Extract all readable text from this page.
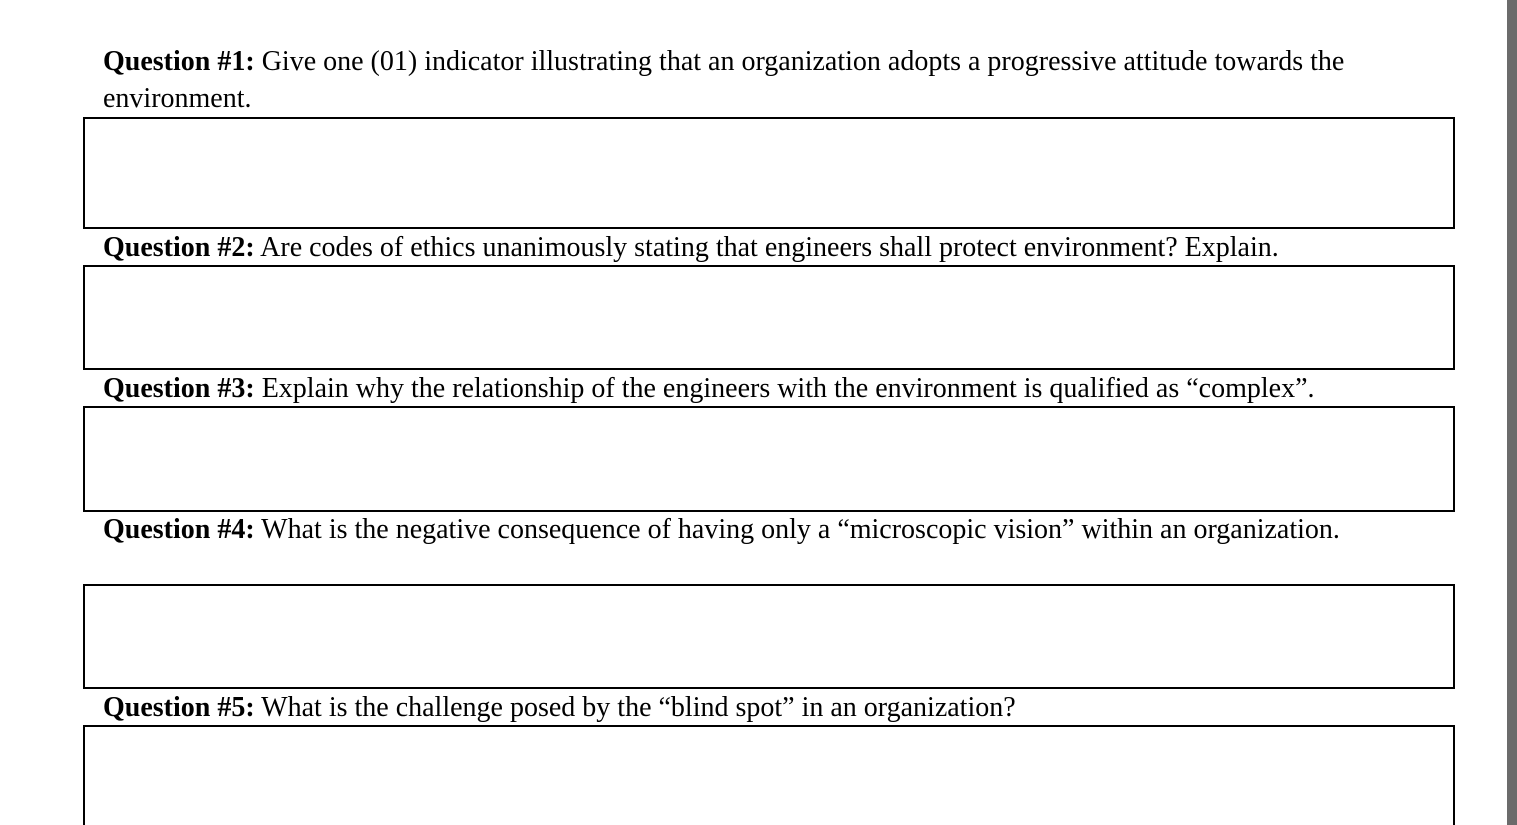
Question #1: Give one (01) indicator illustrating that an organization adopts a progressive attitude towards the environment.

Question #2: Are codes of ethics unanimously stating that engineers shall protect environment? Explain.

Question #3: Explain why the relationship of the engineers with the environment is qualified as “complex”.

Question #4: What is the negative consequence of having only a “microscopic vision” within an organization.

Question #5: What is the challenge posed by the “blind spot” in an organization?
